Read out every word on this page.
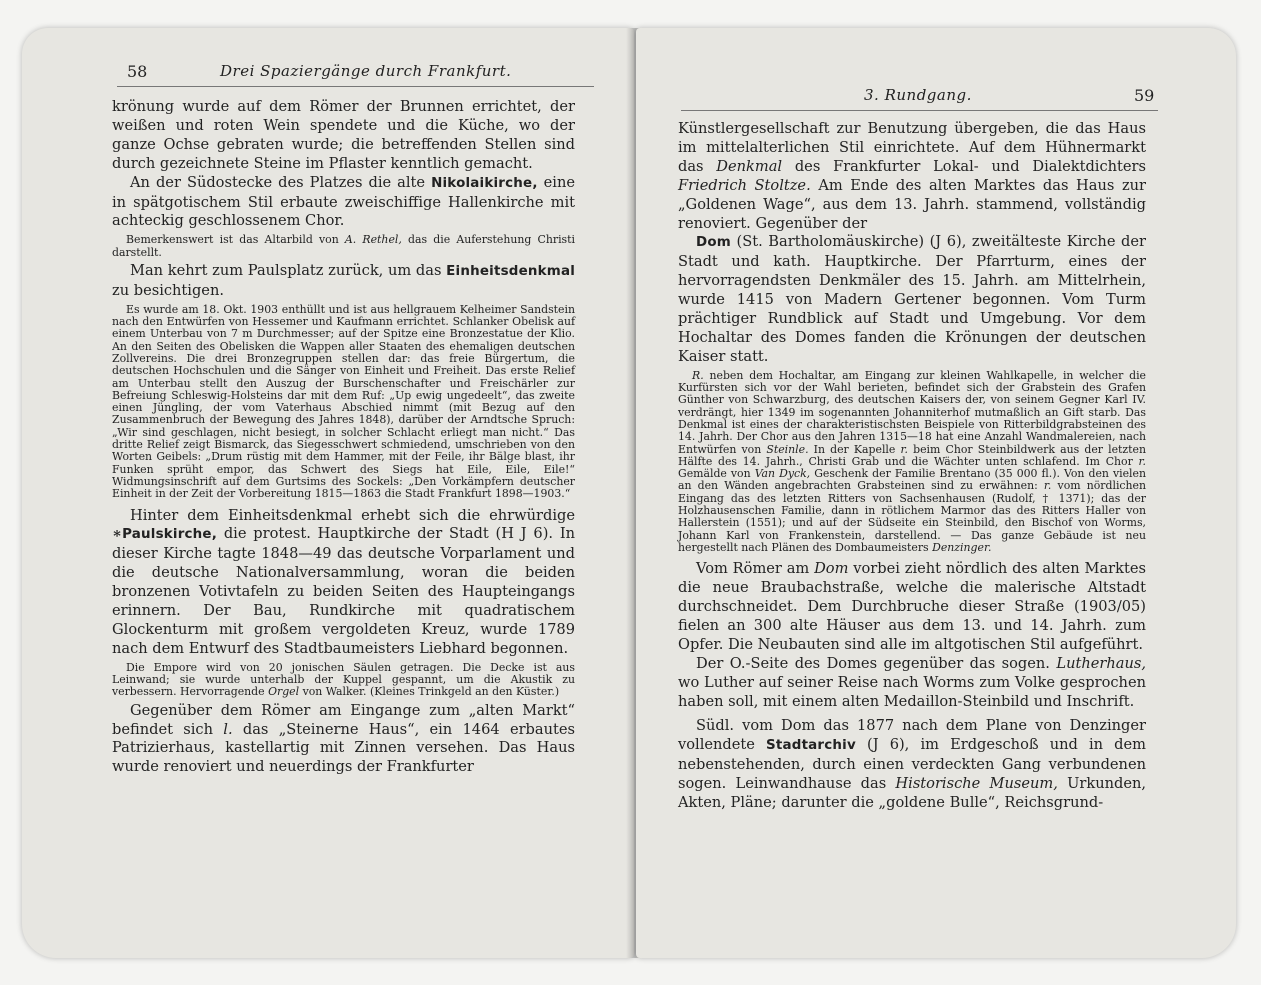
58	Drei Spaziergänge durch Frankfurt.

krönung wurde auf dem Römer der Brunnen errichtet, der weißen und roten Wein spendete und die Küche, wo der ganze Ochse gebraten wurde; die betreffenden Stellen sind durch gezeichnete Steine im Pflaster kenntlich gemacht.

An der Südostecke des Platzes die alte Nikolaikirche, eine in spätgotischem Stil erbaute zweischiffige Hallenkirche mit achteckig geschlossenem Chor.

Bemerkenswert ist das Altarbild von A. Rethel, das die Auferstehung Christi darstellt.

Man kehrt zum Paulsplatz zurück, um das Einheitsdenkmal zu besichtigen.

Es wurde am 18. Okt. 1903 enthüllt und ist aus hellgrauem Kelheimer Sandstein nach den Entwürfen von Hessemer und Kaufmann errichtet. Schlanker Obelisk auf einem Unterbau von 7 m Durchmesser; auf der Spitze eine Bronzestatue der Klio. An den Seiten des Obelisken die Wappen aller Staaten des ehemaligen deutschen Zollvereins. Die drei Bronzegruppen stellen dar: das freie Bürgertum, die deutschen Hochschulen und die Sänger von Einheit und Freiheit. Das erste Relief am Unterbau stellt den Auszug der Burschenschafter und Freischärler zur Befreiung Schleswig-Holsteins dar mit dem Ruf: „Up ewig ungedeelt“, das zweite einen Jüngling, der vom Vaterhaus Abschied nimmt (mit Bezug auf den Zusammenbruch der Bewegung des Jahres 1848), darüber der Arndtsche Spruch: „Wir sind geschlagen, nicht besiegt, in solcher Schlacht erliegt man nicht.“ Das dritte Relief zeigt Bismarck, das Siegesschwert schmiedend, umschrieben von den Worten Geibels: „Drum rüstig mit dem Hammer, mit der Feile, ihr Bälge blast, ihr Funken sprüht empor, das Schwert des Siegs hat Eile, Eile, Eile!“ Widmungsinschrift auf dem Gurtsims des Sockels: „Den Vorkämpfern deutscher Einheit in der Zeit der Vorbereitung 1815—1863 die Stadt Frankfurt 1898—1903.“

Hinter dem Einheitsdenkmal erhebt sich die ehrwürdige ∗Paulskirche, die protest. Hauptkirche der Stadt (H J 6). In dieser Kirche tagte 1848—49 das deutsche Vorparlament und die deutsche Nationalversammlung, woran die beiden bronzenen Votivtafeln zu beiden Seiten des Haupteingangs erinnern. Der Bau, Rundkirche mit quadratischem Glockenturm mit großem vergoldeten Kreuz, wurde 1789 nach dem Entwurf des Stadtbaumeisters Liebhard begonnen.

Die Empore wird von 20 jonischen Säulen getragen. Die Decke ist aus Leinwand; sie wurde unterhalb der Kuppel gespannt, um die Akustik zu verbessern. Hervorragende Orgel von Walker. (Kleines Trinkgeld an den Küster.)

Gegenüber dem Römer am Eingange zum „alten Markt“ befindet sich l. das „Steinerne Haus“, ein 1464 erbautes Patrizierhaus, kastellartig mit Zinnen versehen. Das Haus wurde renoviert und neuerdings der Frankfurter

3. Rundgang.	59

Künstlergesellschaft zur Benutzung übergeben, die das Haus im mittelalterlichen Stil einrichtete. Auf dem Hühnermarkt das Denkmal des Frankfurter Lokal- und Dialektdichters Friedrich Stoltze. Am Ende des alten Marktes das Haus zur „Goldenen Wage“, aus dem 13. Jahrh. stammend, vollständig renoviert. Gegenüber der

Dom (St. Bartholomäuskirche) (J 6), zweitälteste Kirche der Stadt und kath. Hauptkirche. Der Pfarrturm, eines der hervorragendsten Denkmäler des 15. Jahrh. am Mittelrhein, wurde 1415 von Madern Gertener begonnen. Vom Turm prächtiger Rundblick auf Stadt und Umgebung. Vor dem Hochaltar des Domes fanden die Krönungen der deutschen Kaiser statt.

R. neben dem Hochaltar, am Eingang zur kleinen Wahlkapelle, in welcher die Kurfürsten sich vor der Wahl berieten, befindet sich der Grabstein des Grafen Günther von Schwarzburg, des deutschen Kaisers der, von seinem Gegner Karl IV. verdrängt, hier 1349 im sogenannten Johanniterhof mutmaßlich an Gift starb. Das Denkmal ist eines der charakteristischsten Beispiele von Ritterbildgrabsteinen des 14. Jahrh. Der Chor aus den Jahren 1315—18 hat eine Anzahl Wandmalereien, nach Entwürfen von Steinle. In der Kapelle r. beim Chor Steinbildwerk aus der letzten Hälfte des 14. Jahrh., Christi Grab und die Wächter unten schlafend. Im Chor r. Gemälde von Van Dyck, Geschenk der Familie Brentano (35 000 fl.). Von den vielen an den Wänden angebrachten Grabsteinen sind zu erwähnen: r. vom nördlichen Eingang das des letzten Ritters von Sachsenhausen (Rudolf, † 1371); das der Holzhausenschen Familie, dann in rötlichem Marmor das des Ritters Haller von Hallerstein (1551); und auf der Südseite ein Steinbild, den Bischof von Worms, Johann Karl von Frankenstein, darstellend. — Das ganze Gebäude ist neu hergestellt nach Plänen des Dombaumeisters Denzinger.

Vom Römer am Dom vorbei zieht nördlich des alten Marktes die neue Braubachstraße, welche die malerische Altstadt durchschneidet. Dem Durchbruche dieser Straße (1903/05) fielen an 300 alte Häuser aus dem 13. und 14. Jahrh. zum Opfer. Die Neubauten sind alle im altgotischen Stil aufgeführt.

Der O.-Seite des Domes gegenüber das sogen. Lutherhaus, wo Luther auf seiner Reise nach Worms zum Volke gesprochen haben soll, mit einem alten Medaillon-Steinbild und Inschrift.

Südl. vom Dom das 1877 nach dem Plane von Denzinger vollendete Stadtarchiv (J 6), im Erdgeschoß und in dem nebenstehenden, durch einen verdeckten Gang verbundenen sogen. Leinwandhause das Historische Museum, Urkunden, Akten, Pläne; darunter die „goldene Bulle“, Reichsgrund-
